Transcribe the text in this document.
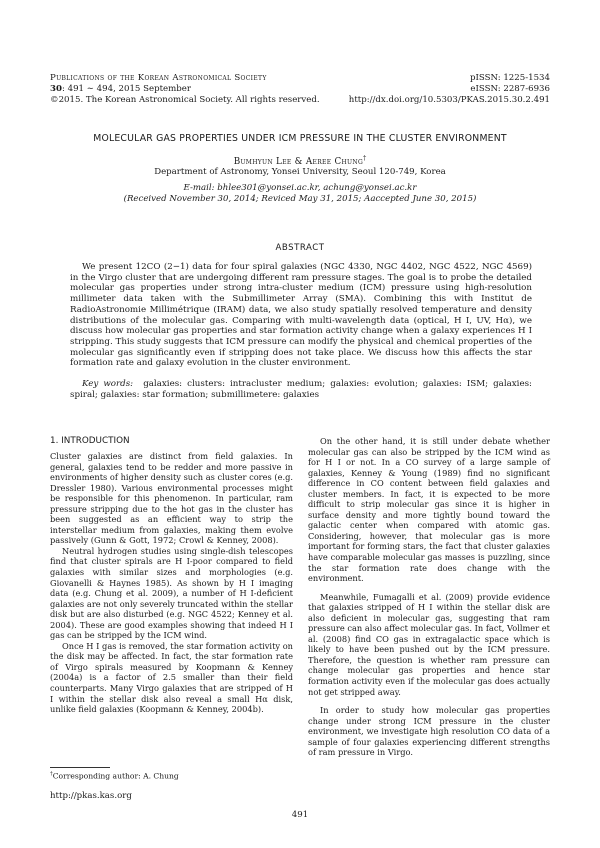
Publications of the Korean Astronomical Society
30: 491 ∼ 494, 2015 September
©2015. The Korean Astronomical Society. All rights reserved.
pISSN: 1225-1534
eISSN: 2287-6936
http://dx.doi.org/10.5303/PKAS.2015.30.2.491
MOLECULAR GAS PROPERTIES UNDER ICM PRESSURE IN THE CLUSTER ENVIRONMENT
Bumhyun Lee & Aeree Chung†
Department of Astronomy, Yonsei University, Seoul 120-749, Korea
E-mail: bhlee301@yonsei.ac.kr, achung@yonsei.ac.kr
(Received November 30, 2014; Reviced May 31, 2015; Aaccepted June 30, 2015)
ABSTRACT
We present 12CO (2−1) data for four spiral galaxies (NGC 4330, NGC 4402, NGC 4522, NGC 4569) in the Virgo cluster that are undergoing different ram pressure stages. The goal is to probe the detailed molecular gas properties under strong intra-cluster medium (ICM) pressure using high-resolution millimeter data taken with the Submillimeter Array (SMA). Combining this with Institut de RadioAstronomie Millimétrique (IRAM) data, we also study spatially resolved temperature and density distributions of the molecular gas. Comparing with multi-wavelength data (optical, H I, UV, Hα), we discuss how molecular gas properties and star formation activity change when a galaxy experiences H I stripping. This study suggests that ICM pressure can modify the physical and chemical properties of the molecular gas significantly even if stripping does not take place. We discuss how this affects the star formation rate and galaxy evolution in the cluster environment.
Key words: galaxies: clusters: intracluster medium; galaxies: evolution; galaxies: ISM; galaxies: spiral; galaxies: star formation; submillimetere: galaxies
1. INTRODUCTION

Cluster galaxies are distinct from field galaxies. In general, galaxies tend to be redder and more passive in environments of higher density such as cluster cores (e.g. Dressler 1980). Various environmental processes might be responsible for this phenomenon. In particular, ram pressure stripping due to the hot gas in the cluster has been suggested as an efficient way to strip the interstellar medium from galaxies, making them evolve passively (Gunn & Gott, 1972; Crowl & Kenney, 2008).

Neutral hydrogen studies using single-dish telescopes find that cluster spirals are H I-poor compared to field galaxies with similar sizes and morphologies (e.g. Giovanelli & Haynes 1985). As shown by H I imaging data (e.g. Chung et al. 2009), a number of H I-deficient galaxies are not only severely truncated within the stellar disk but are also disturbed (e.g. NGC 4522; Kenney et al. 2004). These are good examples showing that indeed H I gas can be stripped by the ICM wind.

Once H I gas is removed, the star formation activity on the disk may be affected. In fact, the star formation rate of Virgo spirals measured by Koopmann & Kenney (2004a) is a factor of 2.5 smaller than their field counterparts. Many Virgo galaxies that are stripped of H I within the stellar disk also reveal a small Hα disk, unlike field galaxies (Koopmann & Kenney, 2004b).

On the other hand, it is still under debate whether molecular gas can also be stripped by the ICM wind as for H I or not. In a CO survey of a large sample of galaxies, Kenney & Young (1989) find no significant difference in CO content between field galaxies and cluster members. In fact, it is expected to be more difficult to strip molecular gas since it is higher in surface density and more tightly bound toward the galactic center when compared with atomic gas. Considering, however, that molecular gas is more important for forming stars, the fact that cluster galaxies have comparable molecular gas masses is puzzling, since the star formation rate does change with the environment.

Meanwhile, Fumagalli et al. (2009) provide evidence that galaxies stripped of H I within the stellar disk are also deficient in molecular gas, suggesting that ram pressure can also affect molecular gas. In fact, Vollmer et al. (2008) find CO gas in extragalactic space which is likely to have been pushed out by the ICM pressure. Therefore, the question is whether ram pressure can change molecular gas properties and hence star formation activity even if the molecular gas does actually not get stripped away.

In order to study how molecular gas properties change under strong ICM pressure in the cluster environment, we investigate high resolution CO data of a sample of four galaxies experiencing different strengths of ram pressure in Virgo.

†Corresponding author: A. Chung
http://pkas.kas.org
491
